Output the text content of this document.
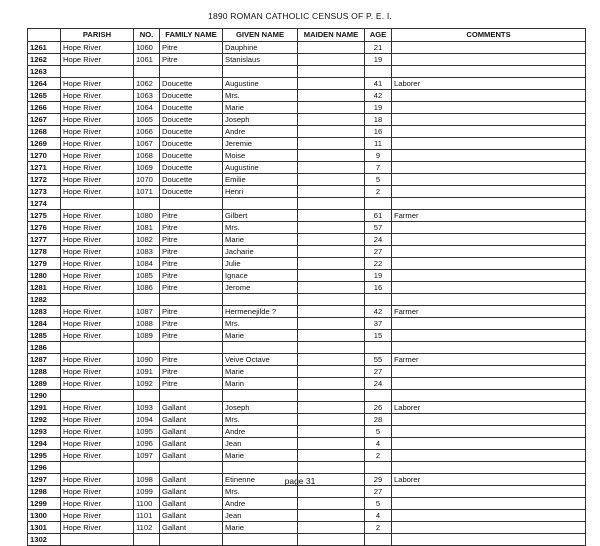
1890 ROMAN CATHOLIC CENSUS OF P. E. I.
	PARISH	NO.	FAMILY NAME	GIVEN NAME	MAIDEN NAME	AGE	COMMENTS
1261	Hope River	1060	Pitre	Dauphine		21	
1262	Hope River	1061	Pitre	Stanislaus		19	
1263							
1264	Hope River	1062	Doucette	Augustine		41	Laborer
1265	Hope River	1063	Doucette	Mrs.		42	
1266	Hope River	1064	Doucette	Marie		19	
1267	Hope River	1065	Doucette	Joseph		18	
1268	Hope River	1066	Doucette	Andre		16	
1269	Hope River	1067	Doucette	Jeremie		11	
1270	Hope River	1068	Doucette	Moise		9	
1271	Hope River	1069	Doucette	Augustine		7	
1272	Hope River	1070	Doucette	Emilie		5	
1273	Hope River	1071	Doucette	Henri		2	
1274							
1275	Hope River	1080	Pitre	Gilbert		61	Farmer
1276	Hope River	1081	Pitre	Mrs.		57	
1277	Hope River	1082	Pitre	Marie		24	
1278	Hope River	1083	Pitre	Jacharie		27	
1279	Hope River	1084	Pitre	Julie		22	
1280	Hope River	1085	Pitre	Ignace		19	
1281	Hope River	1086	Pitre	Jerome		16	
1282							
1283	Hope River	1087	Pitre	Hermenejilde ?		42	Farmer
1284	Hope River	1088	Pitre	Mrs.		37	
1285	Hope River	1089	Pitre	Marie		15	
1286							
1287	Hope River	1090	Pitre	Veive Octave		55	Farmer
1288	Hope River	1091	Pitre	Marie		27	
1289	Hope River	1092	Pitre	Marin		24	
1290							
1291	Hope River	1093	Gallant	Joseph		26	Laborer
1292	Hope River	1094	Gallant	Mrs.		28	
1293	Hope River	1095	Gallant	Andre		5	
1294	Hope River	1096	Gallant	Jean		4	
1295	Hope River	1097	Gallant	Marie		2	
1296							
1297	Hope River	1098	Gallant	Etinenne		29	Laborer
1298	Hope River	1099	Gallant	Mrs.		27	
1299	Hope River	1100	Gallant	Andre		5	
1300	Hope River	1101	Gallant	Jean		4	
1301	Hope River	1102	Gallant	Marie		2	
1302							
page 31
